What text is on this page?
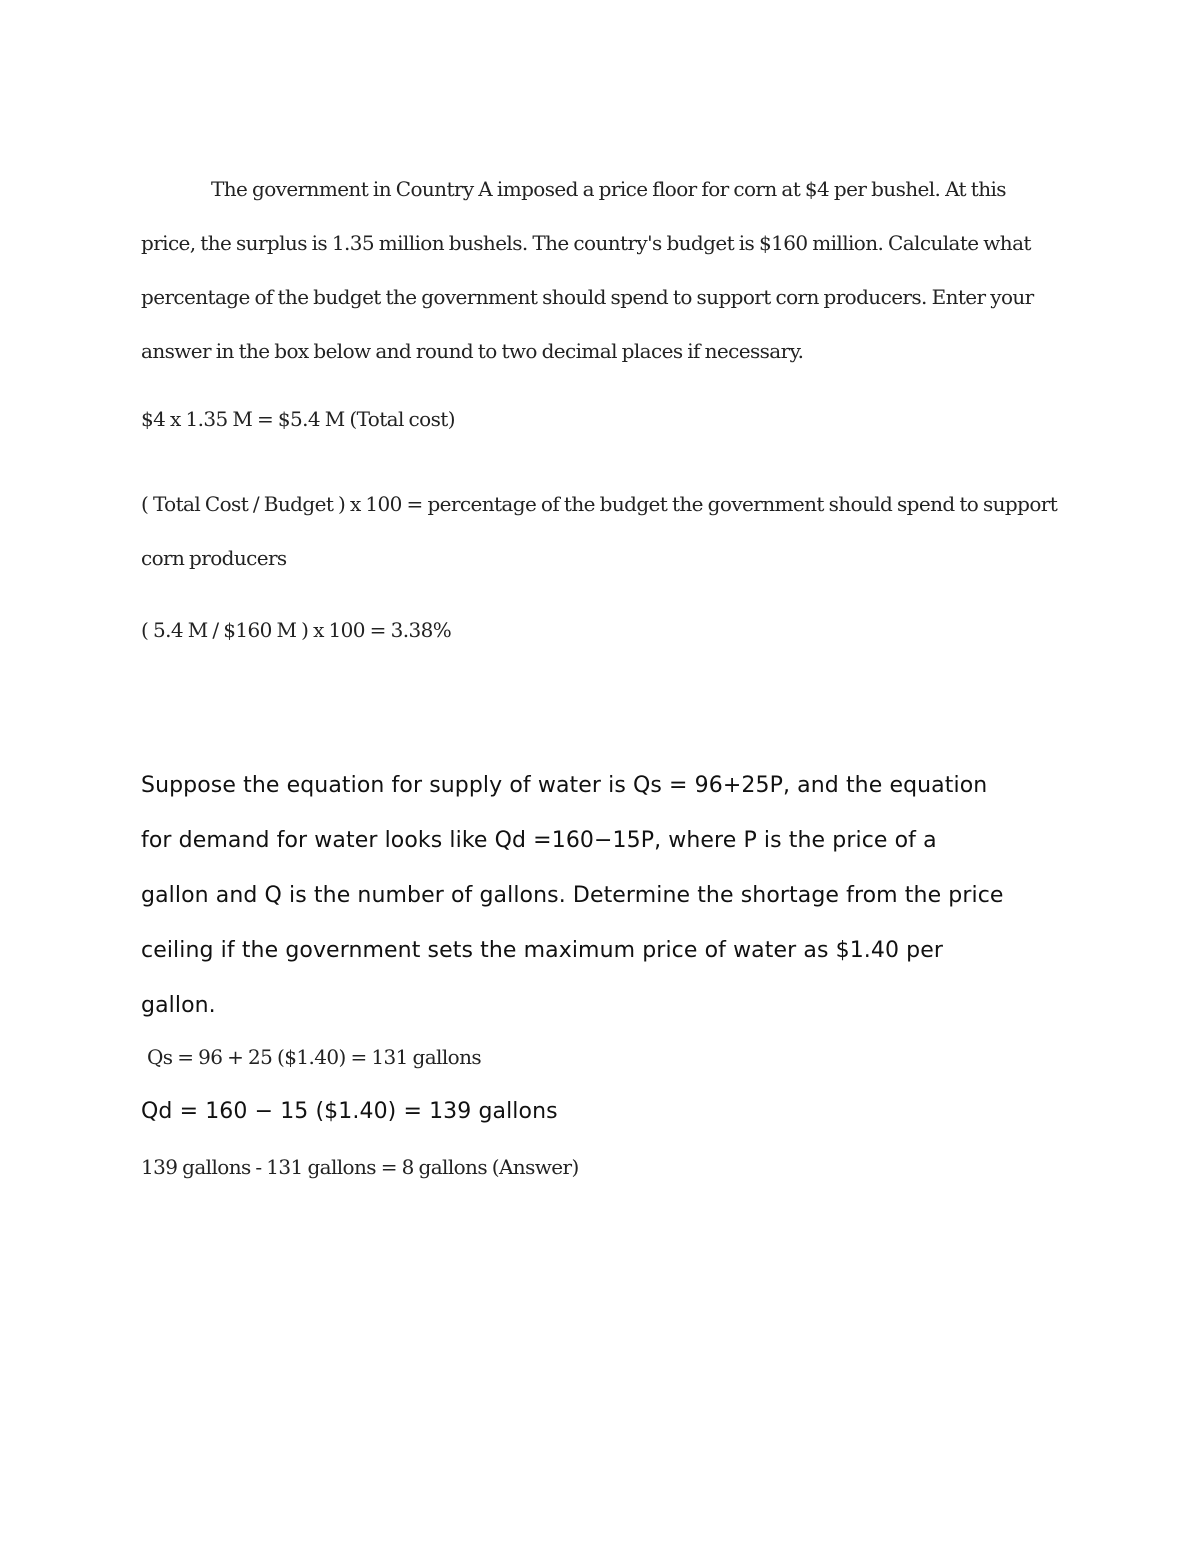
The government in Country A imposed a price floor for corn at $4 per bushel. At this
price, the surplus is 1.35 million bushels. The country's budget is $160 million. Calculate what
percentage of the budget the government should spend to support corn producers. Enter your
answer in the box below and round to two decimal places if necessary.

$4 x 1.35 M = $5.4 M (Total cost)

( Total Cost / Budget ) x 100 = percentage of the budget the government should spend to support
corn producers

( 5.4 M / $160 M ) x 100 = 3.38%

Suppose the equation for supply of water is Qs = 96+25P, and the equation
for demand for water looks like Qd =160−15P, where P is the price of a
gallon and Q is the number of gallons. Determine the shortage from the price
ceiling if the government sets the maximum price of water as $1.40 per
gallon.

Qs = 96 + 25 ($1.40) = 131 gallons

Qd = 160 − 15 ($1.40) = 139 gallons

139 gallons - 131 gallons = 8 gallons (Answer)
